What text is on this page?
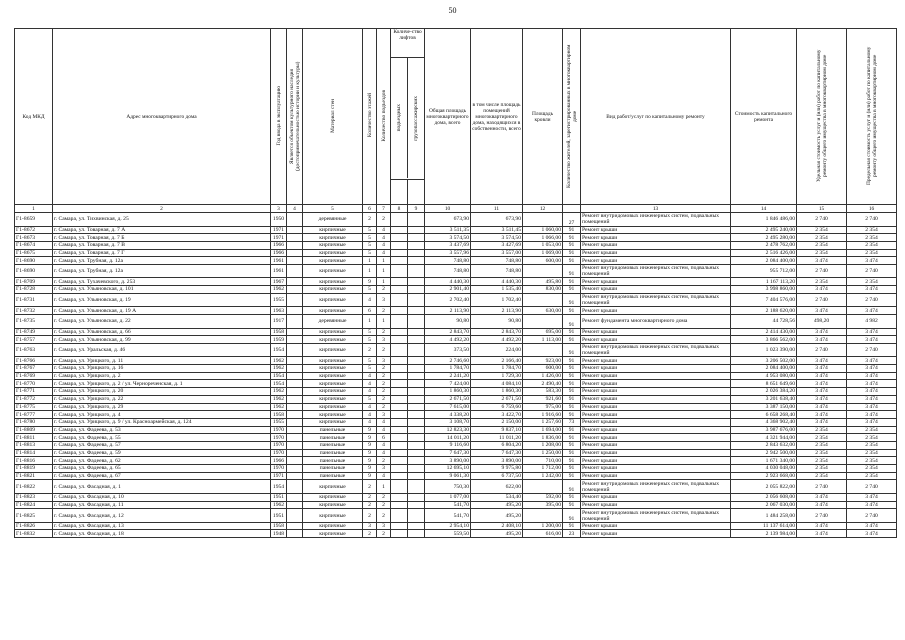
50
Код МКД	Адрес многоквартирного дома	Год ввода в эксплуатацию	Является объектом культурного наследия (достопримечательностью истории и культуры)	Материал стен	Количество этажей	Количество подъездов	Количе-ство лифтов
подъездных грузопассажирских		Общая площадь многоквартирного дома, всего	в том числе площадь помещений многоквартирного дома, находящихся в собственности, всего	Площадь кровли	Количество жителей, зарегистрированных в многоквартирном доме	Вид работ/услуг по капитальному ремонту	Стоимость капитального ремонта	Удельная стоимость услуг и (или) работ по капитальному ремонту общего имущества в многоквартирном доме	Предельная стоимость услуг и (или) работ по капитальному ремонту общего имущества в многоквартирном доме	

1	2	3	4	5	6	7	8	9	10	11	12		13	14	15	16	
Г1-8659	г. Самара, ул. Тихвинская, д. 25	1950		деревянные	2	2			673,90	673,90		27	Ремонт внутридомовых инженерных систем, подвальных помещений	1 846 486,00	2 740	2 740	
Г1-8672	г. Самара, ул. Товарная, д. 7 А	1971		кирпичные	5	4			3 511,35	3 511,45	1 060,00	91	Ремонт крыши	2 495 240,00	2 354	2 354	
Г1-8673	г. Самара, ул. Товарная, д. 7 Б	1971		кирпичные	5	4			3 574,50	3 574,50	1 066,00	91	Ремонт крыши	2 495 280,00	2 354	2 354	
Г1-8674	г. Самара, ул. Товарная, д. 7 В	1966		кирпичные	5	4			3 437,69	3 427,69	1 053,00	91	Ремонт крыши	2 478 762,00	2 354	2 354	
Г1-8675	г. Самара, ул. Товарная, д. 7 Г	1966		кирпичные	5	4			3 557,96	3 557,00	1 069,00	91	Ремонт крыши	2 516 426,00	2 354	2 354	
Г1-8690	г. Самара, ул. Трубная, д. 12а	1961		кирпичные	1	1			748,80	748,80	600,00	91	Ремонт крыши	2 084 400,00	3 474	3 474	
Г1-8690	г. Самара, ул. Трубная, д. 12а	1961		кирпичные	1	1			748,80	748,80		91	Ремонт внутридомовых инженерных систем, подвальных помещений	955 712,00	2 740	2 740	
Г1-8709	г. Самара, ул. Тухачевского, д. 253	1967		кирпичные	9	1			4 440,30	4 440,30	495,80	91	Ремонт крыши	1 167 113,20	2 354	2 354	
Г1-8728	г. Самара, ул. Ульяновская, д. 101	1962		кирпичные	5	2			2 901,40	1 535,40	830,00	91	Ремонт крыши	3 998 860,00	3 474	3 474	
Г1-8731	г. Самара, ул. Ульяновская, д. 19	1955		кирпичные	4	3			2 702,40	1 702,40		91	Ремонт внутридомовых инженерных систем, подвальных помещений	7 404 576,00	2 740	2 740	
Г1-8732	г. Самара, ул. Ульяновская, д. 19 А	1963		кирпичные	6	2			2 113,90	2 113,90	630,00	91	Ремонт крыши	2 188 620,00	3 474	3 474	
Г1-8735	г. Самара, ул. Ульяновская, д. 22	1917		деревянные	1	1			90,80	90,80		91	Ремонт фундамента многоквартирного дома	44 728,56	498,20	4 982	
Г1-8749	г. Самара, ул. Ульяновская, д. 66	1958		кирпичные	5	2			2 843,70	2 843,70	695,00	91	Ремонт крыши	2 414 430,00	3 474	3 474	
Г1-8757	г. Самара, ул. Ульяновская, д. 99	1959		кирпичные	5	3			4 492,20	4 492,20	1 113,00	91	Ремонт крыши	3 866 562,00	3 474	3 474	
Г1-8763	г. Самара, ул. Уральская, д. 46	1954		кирпичные	2	2			373,50	224,00		91	Ремонт внутридомовых инженерных систем, подвальных помещений	1 023 390,00	2 740	2 740	
Г1-8766	г. Самара, ул. Урицкого, д. 11	1962		кирпичные	5	3			2 746,60	2 166,40	923,00	91	Ремонт крыши	3 206 502,00	3 474	3 474	
Г1-8767	г. Самара, ул. Урицкого, д. 16	1962		кирпичные	5	2			1 784,70	1 784,70	600,00	91	Ремонт крыши	2 084 400,00	3 474	3 474	
Г1-8769	г. Самара, ул. Урицкого, д. 2	1954		кирпичные	4	2			2 241,20	1 729,30	1 426,00	91	Ремонт крыши	4 953 080,00	3 474	3 474	
Г1-8770	г. Самара, ул. Урицкого, д. 2 / ул. Чернореченская, д. 1	1954		кирпичные	4	2			7 424,00	4 084,10	2 490,40	91	Ремонт крыши	8 651 649,60	3 474	3 474	
Г1-8771	г. Самара, ул. Урицкого, д. 20	1962		кирпичные	4	2			1 860,30	1 860,30	583,30	91	Ремонт крыши	2 026 384,20	3 474	3 474	
Г1-8772	г. Самара, ул. Урицкого, д. 22	1962		кирпичные	5	2			2 671,50	2 671,50	921,60	91	Ремонт крыши	3 201 638,40	3 474	3 474	
Г1-8775	г. Самара, ул. Урицкого, д. 29	1962		кирпичные	4	2			7 615,00	6 759,60	975,00	91	Ремонт крыши	3 387 150,00	3 474	3 474	
Г1-8777	г. Самара, ул. Урицкого, д. 4	1958		кирпичные	4	3			4 338,20	3 422,70	1 916,60	91	Ремонт крыши	6 658 268,40	3 474	3 474	
Г1-8780	г. Самара, ул. Урицкого, д. 9 / ул. Красноармейская, д. 124	1955		кирпичные	4	4			3 108,70	2 150,00	1 257,60	73	Ремонт крыши	4 368 902,40	3 474	3 474	
Г1-8809	г. Самара, ул. Фадеева, д. 53	1970		панельные	9	4			12 823,30	9 837,10	1 694,00	91	Ремонт крыши	3 987 676,00	2 354	2 354	
Г1-8811	г. Самара, ул. Фадеева, д. 55	1970		панельные	9	6			14 011,20	11 011,20	1 836,00	91	Ремонт крыши	4 321 944,00	2 354	2 354	
Г1-8813	г. Самара, ул. Фадеева, д. 57	1970		панельные	9	4			9 116,60	6 804,20	1 208,00	91	Ремонт крыши	2 843 632,00	2 354	2 354	
Г1-8814	г. Самара, ул. Фадеева, д. 59	1970		панельные	9	4			7 647,30	7 647,30	1 250,00	91	Ремонт крыши	2 942 500,00	2 354	2 354	
Г1-8816	г. Самара, ул. Фадеева, д. 62	1966		панельные	9	2			3 890,00	3 890,00	710,00	91	Ремонт крыши	1 671 340,00	2 354	2 354	
Г1-8819	г. Самара, ул. Фадеева, д. 65	1970		панельные	9	3			12 695,10	9 975,80	1 712,00	91	Ремонт крыши	4 030 048,00	2 354	2 354	
Г1-8821	г. Самара, ул. Фадеева, д. 67	1971		панельные	9	4			9 061,30	6 737,50	1 242,00	91	Ремонт крыши	2 923 668,00	2 354	2 354	
Г1-8822	г. Самара, ул. Фасадная, д. 1	1954		кирпичные	2	1			750,30	622,00		91	Ремонт внутридомовых инженерных систем, подвальных помещений	2 055 822,00	2 740	2 740	
Г1-8823	г. Самара, ул. Фасадная, д. 10	1951		кирпичные	2	2			1 077,00	534,40	592,00	91	Ремонт крыши	2 056 608,00	3 474	3 474	
Г1-8824	г. Самара, ул. Фасадная, д. 11	1962		кирпичные	2	2			541,70	495,20	395,00	91	Ремонт крыши	2 067 030,00	3 474	3 474	
Г1-8825	г. Самара, ул. Фасадная, д. 12	1951		кирпичные	2	2			541,70	495,20		91	Ремонт внутридомовых инженерных систем, подвальных помещений	1 484 258,00	2 740	2 740	
Г1-8826	г. Самара, ул. Фасадная, д. 13	1958		кирпичные	3	3			2 954,10	2 408,10	1 200,00	91	Ремонт крыши	11 137 614,00	3 474	3 474	
Г1-8832	г. Самара, ул. Фасадная, д. 18	1948		кирпичные	2	2			559,50	495,20	616,00	23	Ремонт крыши	2 139 984,00	3 474	3 474	
